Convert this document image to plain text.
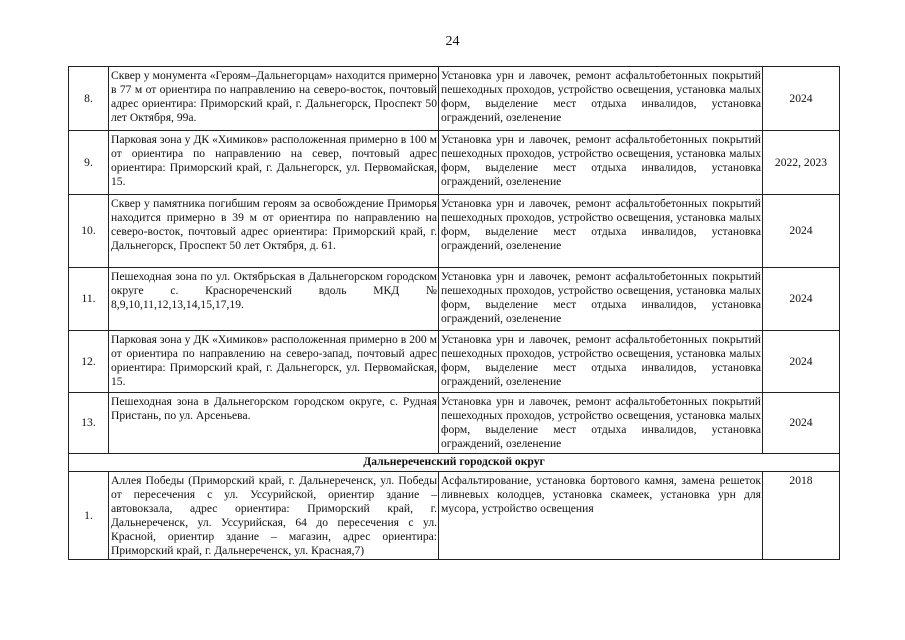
24
8.	Сквер у монумента «Героям–Дальнегорцам» находится примерно в 77 м от ориентира по направлению на северо-восток, почтовый адрес ориентира: Приморский край, г. Дальнегорск, Проспект 50 лет Октября, 99а.	Установка урн и лавочек, ремонт асфальтобетонных покрытий пешеходных проходов, устройство освещения, установка малых форм, выделение мест отдыха инвалидов, установка ограждений, озеленение	2024
9.	Парковая зона у ДК «Химиков» расположенная примерно в 100 м от ориентира по направлению на север, почтовый адрес ориентира: Приморский край, г. Дальнегорск, ул. Первомайская, 15.	Установка урн и лавочек, ремонт асфальтобетонных покрытий пешеходных проходов, устройство освещения, установка малых форм, выделение мест отдыха инвалидов, установка ограждений, озеленение	2022, 2023
10.	Сквер у памятника погибшим героям за освобождение Приморья находится примерно в 39 м от ориентира по направлению на северо-восток, почтовый адрес ориентира: Приморский край, г. Дальнегорск, Проспект 50 лет Октября, д. 61.	Установка урн и лавочек, ремонт асфальтобетонных покрытий пешеходных проходов, устройство освещения, установка малых форм, выделение мест отдыха инвалидов, установка ограждений, озеленение	2024
11.	Пешеходная зона по ул. Октябрьская в Дальнегорском городском округе с. Краснореченский вдоль МКД № 8,9,10,11,12,13,14,15,17,19.	Установка урн и лавочек, ремонт асфальтобетонных покрытий пешеходных проходов, устройство освещения, установка малых форм, выделение мест отдыха инвалидов, установка ограждений, озеленение	2024
12.	Парковая зона у ДК «Химиков» расположенная примерно в 200 м от ориентира по направлению на северо-запад, почтовый адрес ориентира: Приморский край, г. Дальнегорск, ул. Первомайская, 15.	Установка урн и лавочек, ремонт асфальтобетонных покрытий пешеходных проходов, устройство освещения, установка малых форм, выделение мест отдыха инвалидов, установка ограждений, озеленение	2024
13.	Пешеходная зона в Дальнегорском городском округе, с. Рудная Пристань, по ул. Арсеньева.	Установка урн и лавочек, ремонт асфальтобетонных покрытий пешеходных проходов, устройство освещения, установка малых форм, выделение мест отдыха инвалидов, установка ограждений, озеленение	2024
Дальнереченский городской округ			
1.	Аллея Победы (Приморский край, г. Дальнереченск, ул. Победы от пересечения с ул. Уссурийской, ориентир здание – автовокзала, адрес ориентира: Приморский край, г. Дальнереченск, ул. Уссурийская, 64 до пересечения с ул. Красной, ориентир здание – магазин, адрес ориентира: Приморский край, г. Дальнереченск, ул. Красная,7)	Асфальтирование, установка бортового камня, замена решеток ливневых колодцев, установка скамеек, установка урн для мусора, устройство освещения	2018
